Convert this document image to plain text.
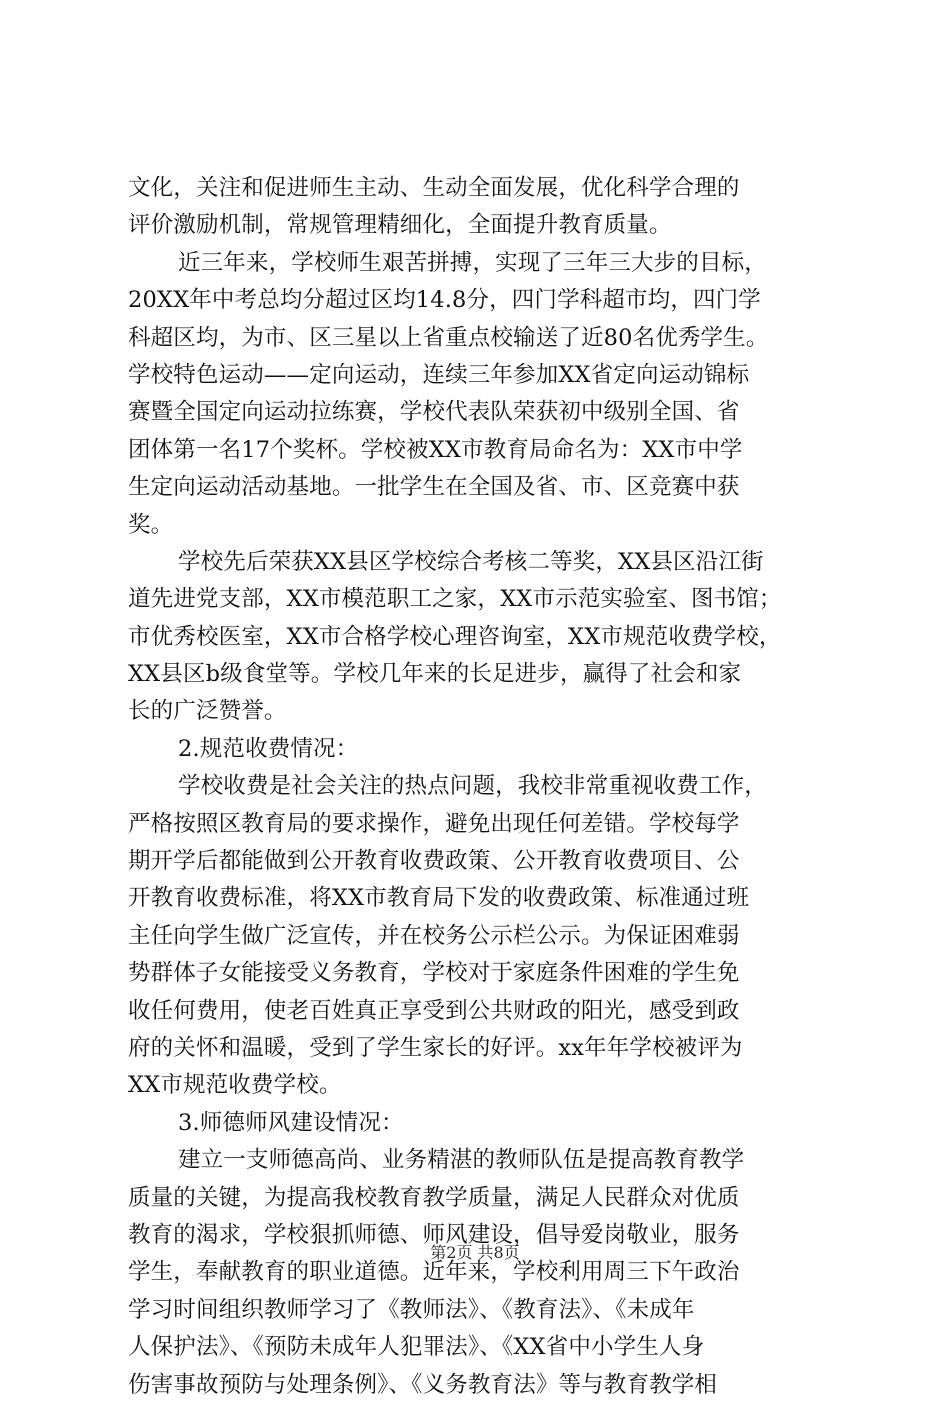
文化，关注和促进师生主动、生动全面发展，优化科学合理的
评价激励机制，常规管理精细化，全面提升教育质量。
近三年来，学校师生艰苦拼搏，实现了三年三大步的目标，
20XX年中考总均分超过区均14.8分，四门学科超市均，四门学
科超区均，为市、区三星以上省重点校输送了近80名优秀学生。
学校特色运动——定向运动，连续三年参加XX省定向运动锦标
赛暨全国定向运动拉练赛，学校代表队荣获初中级别全国、省
团体第一名17个奖杯。学校被XX市教育局命名为：XX市中学
生定向运动活动基地。一批学生在全国及省、市、区竞赛中获
奖。
学校先后荣获XX县区学校综合考核二等奖，XX县区沿江街
道先进党支部，XX市模范职工之家，XX市示范实验室、图书馆；
市优秀校医室，XX市合格学校心理咨询室，XX市规范收费学校，
XX县区b级食堂等。学校几年来的长足进步，赢得了社会和家
长的广泛赞誉。
2.规范收费情况：
学校收费是社会关注的热点问题，我校非常重视收费工作，
严格按照区教育局的要求操作，避免出现任何差错。学校每学
期开学后都能做到公开教育收费政策、公开教育收费项目、公
开教育收费标准，将XX市教育局下发的收费政策、标准通过班
主任向学生做广泛宣传，并在校务公示栏公示。为保证困难弱
势群体子女能接受义务教育，学校对于家庭条件困难的学生免
收任何费用，使老百姓真正享受到公共财政的阳光，感受到政
府的关怀和温暖，受到了学生家长的好评。xx年年学校被评为
XX市规范收费学校。
3.师德师风建设情况：
建立一支师德高尚、业务精湛的教师队伍是提高教育教学
质量的关键，为提高我校教育教学质量，满足人民群众对优质
教育的渴求，学校狠抓师德、师风建设，倡导爱岗敬业，服务
学生，奉献教育的职业道德。近年来，学校利用周三下午政治
学习时间组织教师学习了《教师法》、《教育法》、《未成年
人保护法》、《预防未成年人犯罪法》、《XX省中小学生人身
伤害事故预防与处理条例》、《义务教育法》等与教育教学相
第2页 共8页
